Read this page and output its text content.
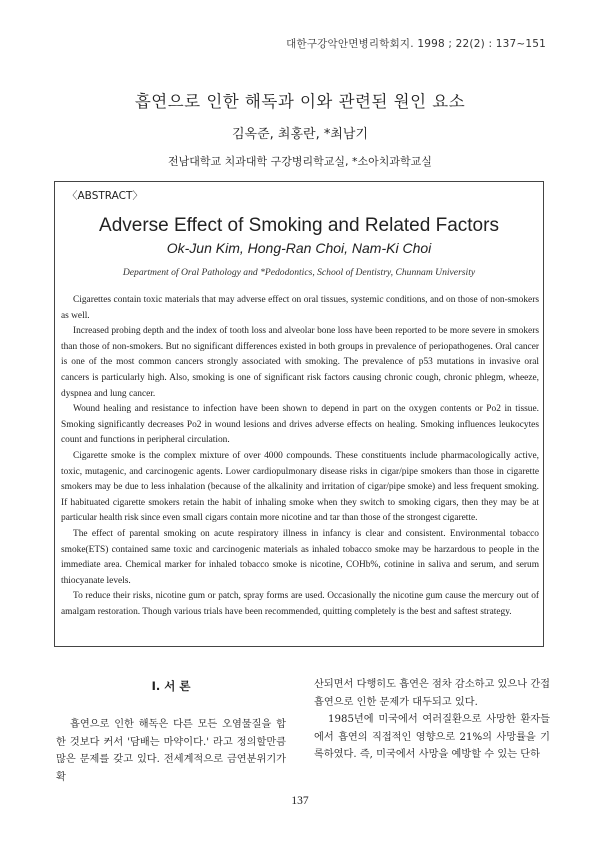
대한구강악안면병리학회지. 1998 ; 22(2) : 137~151
흡연으로 인한 해독과 이와 관련된 원인 요소
김옥준, 최홍란, *최남기
전남대학교 치과대학 구강병리학교실, *소아치과학교실
〈ABSTRACT〉
Adverse Effect of Smoking and Related Factors
Ok-Jun Kim, Hong-Ran Choi, Nam-Ki Choi
Department of Oral Pathology and *Pedodontics, School of Dentistry, Chunnam University

Cigarettes contain toxic materials that may adverse effect on oral tissues, systemic conditions, and on those of non-smokers as well.

Increased probing depth and the index of tooth loss and alveolar bone loss have been reported to be more severe in smokers than those of non-smokers. But no significant differences existed in both groups in prevalence of periopathogenes. Oral cancer is one of the most common cancers strongly associated with smoking. The prevalence of p53 mutations in invasive oral cancers is particularly high. Also, smoking is one of significant risk factors causing chronic cough, chronic phlegm, wheeze, dyspnea and lung cancer.

Wound healing and resistance to infection have been shown to depend in part on the oxygen contents or Po2 in tissue. Smoking significantly decreases Po2 in wound lesions and drives adverse effects on healing. Smoking influences leukocytes count and functions in peripheral circulation.

Cigarette smoke is the complex mixture of over 4000 compounds. These constituents include pharmacologically active, toxic, mutagenic, and carcinogenic agents. Lower cardiopulmonary disease risks in cigar/pipe smokers than those in cigarette smokers may be due to less inhalation (because of the alkalinity and irritation of cigar/pipe smoke) and less frequent smoking. If habituated cigarette smokers retain the habit of inhaling smoke when they switch to smoking cigars, then they may be at particular health risk since even small cigars contain more nicotine and tar than those of the strongest cigarette.

The effect of parental smoking on acute respiratory illness in infancy is clear and consistent. Environmental tobacco smoke(ETS) contained same toxic and carcinogenic materials as inhaled tobacco smoke may be harzardous to people in the immediate area. Chemical marker for inhaled tobacco smoke is nicotine, COHb%, cotinine in saliva and serum, and serum thiocyanate levels.

To reduce their risks, nicotine gum or patch, spray forms are used. Occasionally the nicotine gum cause the mercury out of amalgam restoration. Though various trials have been recommended, quitting completely is the best and saftest strategy.

I. 서 론

흡연으로 인한 해독은 다른 모든 오염물질을 합한 것보다 커서 '담배는 마약이다.' 라고 정의할만큼 많은 문제를 갖고 있다. 전세계적으로 금연분위기가 확

산되면서 다행히도 흡연은 점차 감소하고 있으나 간접흡연으로 인한 문제가 대두되고 있다.

1985년에 미국에서 여러질환으로 사망한 환자들에서 흡연의 직접적인 영향으로 21%의 사망률을 기록하였다. 즉, 미국에서 사망을 예방할 수 있는 단하

137
